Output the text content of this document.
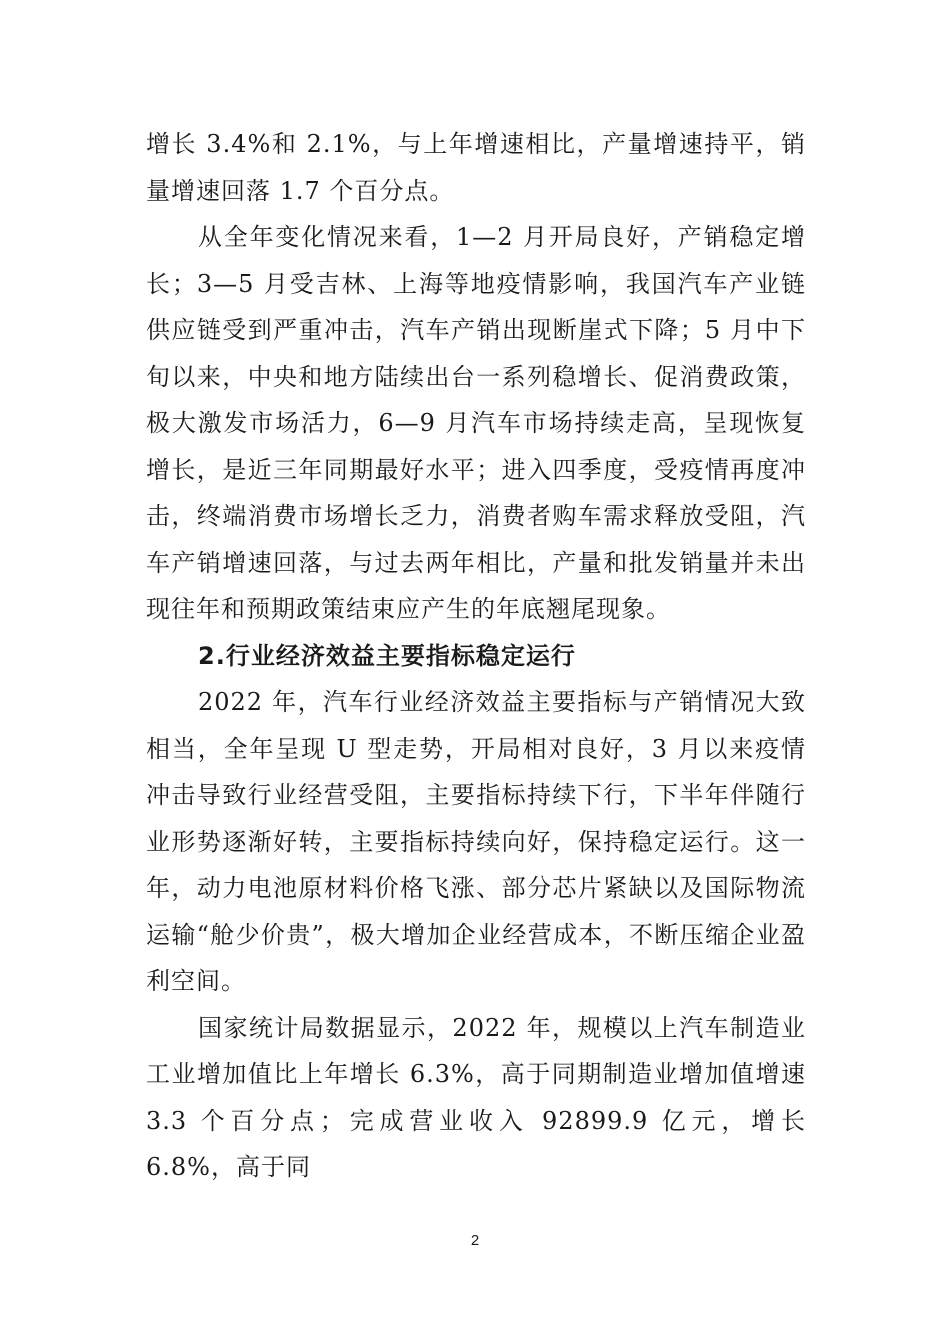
增长 3.4%和 2.1%，与上年增速相比，产量增速持平，销量增速回落 1.7 个百分点。

从全年变化情况来看，1—2 月开局良好，产销稳定增长；3—5 月受吉林、上海等地疫情影响，我国汽车产业链供应链受到严重冲击，汽车产销出现断崖式下降；5 月中下旬以来，中央和地方陆续出台一系列稳增长、促消费政策，极大激发市场活力，6—9 月汽车市场持续走高，呈现恢复增长，是近三年同期最好水平；进入四季度，受疫情再度冲击，终端消费市场增长乏力，消费者购车需求释放受阻，汽车产销增速回落，与过去两年相比，产量和批发销量并未出现往年和预期政策结束应产生的年底翘尾现象。

2.行业经济效益主要指标稳定运行

2022 年，汽车行业经济效益主要指标与产销情况大致相当，全年呈现 U 型走势，开局相对良好，3 月以来疫情冲击导致行业经营受阻，主要指标持续下行，下半年伴随行业形势逐渐好转，主要指标持续向好，保持稳定运行。这一年，动力电池原材料价格飞涨、部分芯片紧缺以及国际物流运输“舱少价贵”，极大增加企业经营成本，不断压缩企业盈利空间。

国家统计局数据显示，2022 年，规模以上汽车制造业工业增加值比上年增长 6.3%，高于同期制造业增加值增速 3.3 个百分点；完成营业收入 92899.9 亿元，增长 6.8%，高于同

2
